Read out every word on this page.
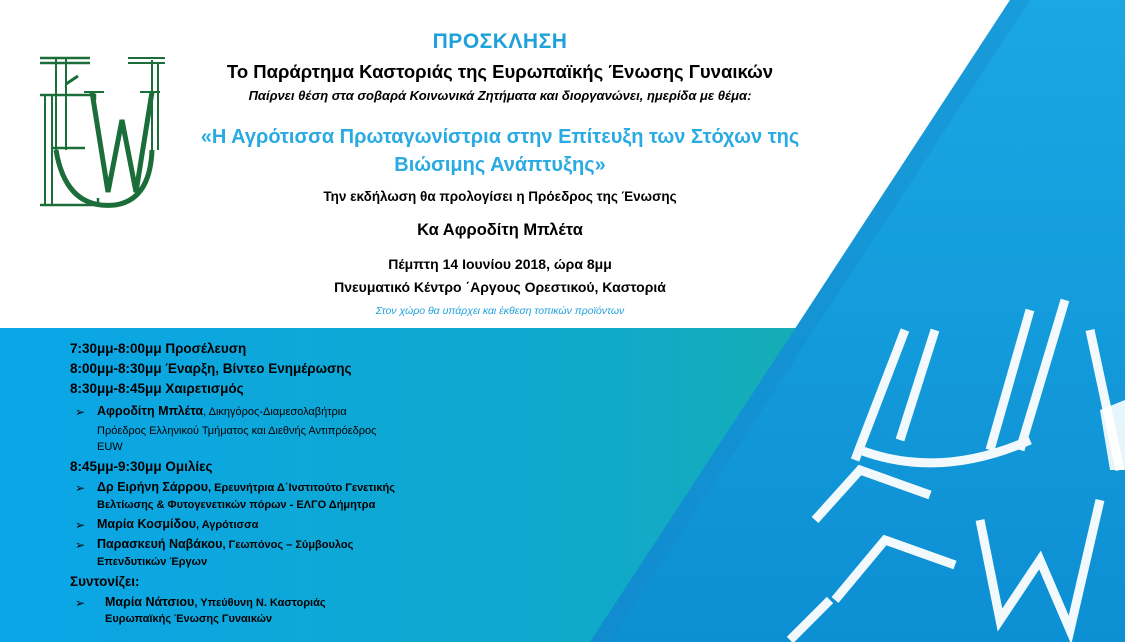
ΠΡΟΣΚΛΗΣΗ
Το Παράρτημα Καστοριάς της Ευρωπαϊκής Ένωσης Γυναικών
Παίρνει θέση στα σοβαρά Κοινωνικά Ζητήματα και διοργανώνει, ημερίδα με θέμα:
«Η Αγρότισσα Πρωταγωνίστρια στην Επίτευξη των Στόχων της
Βιώσιμης Ανάπτυξης»
Την εκδήλωση θα προλογίσει η Πρόεδρος της Ένωσης
Κα Αφροδίτη Μπλέτα
Πέμπτη 14 Ιουνίου 2018, ώρα 8μμ
Πνευματικό Κέντρο ΄Αργους Ορεστικού, Καστοριά
Στον χώρο θα υπάρχει και έκθεση τοπικών προϊόντων
7:30μμ-8:00μμ Προσέλευση
8:00μμ-8:30μμ Έναρξη, Βίντεο Ενημέρωσης
8:30μμ-8:45μμ Χαιρετισμός
➢ Αφροδίτη Μπλέτα, Δικηγόρος-Διαμεσολαβήτρια
Πρόεδρος Ελληνικού Τμήματος και Διεθνής Αντιπρόεδρος
EUW
8:45μμ-9:30μμ Ομιλίες
➢ Δρ Ειρήνη Σάρρου, Ερευνήτρια Δ΄Ινστιτούτο Γενετικής
Βελτίωσης & Φυτογενετικών πόρων - ΕΛΓΟ Δήμητρα
➢ Μαρία Κοσμίδου, Αγρότισσα
➢ Παρασκευή Ναβάκου, Γεωπόνος – Σύμβουλος
Επενδυτικών Έργων
Συντονίζει:
➢ Μαρία Νάτσιου, Υπεύθυνη Ν. Καστοριάς
Ευρωπαϊκής Ένωσης Γυναικών
